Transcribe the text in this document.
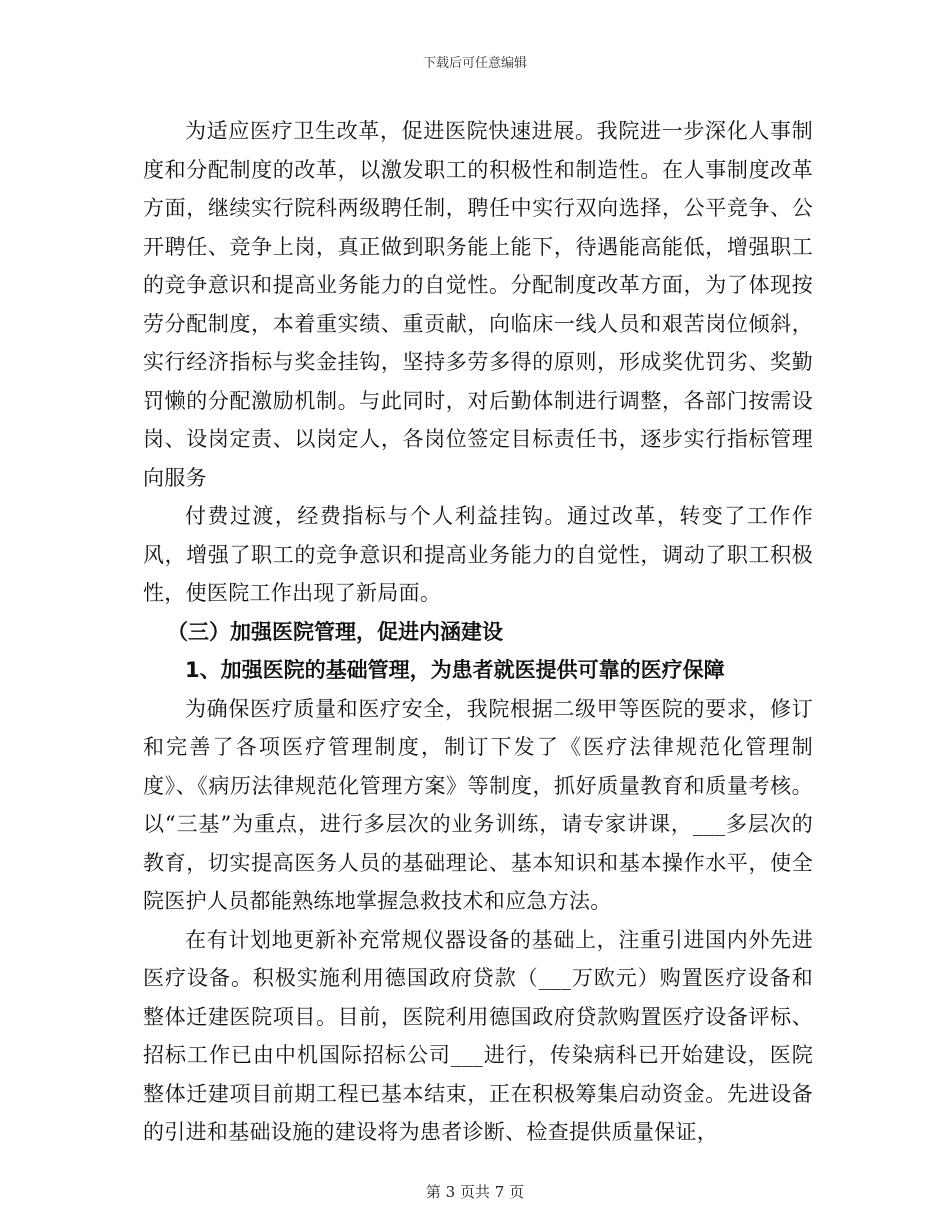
下载后可任意编辑

为适应医疗卫生改革，促进医院快速进展。我院进一步深化人事制度和分配制度的改革，以激发职工的积极性和制造性。在人事制度改革方面，继续实行院科两级聘任制，聘任中实行双向选择，公平竞争、公开聘任、竞争上岗，真正做到职务能上能下，待遇能高能低，增强职工的竞争意识和提高业务能力的自觉性。分配制度改革方面，为了体现按劳分配制度，本着重实绩、重贡献，向临床一线人员和艰苦岗位倾斜，实行经济指标与奖金挂钩，坚持多劳多得的原则，形成奖优罚劣、奖勤罚懒的分配激励机制。与此同时，对后勤体制进行调整，各部门按需设岗、设岗定责、以岗定人，各岗位签定目标责任书，逐步实行指标管理向服务

付费过渡，经费指标与个人利益挂钩。通过改革，转变了工作作风，增强了职工的竞争意识和提高业务能力的自觉性，调动了职工积极性，使医院工作出现了新局面。

（三）加强医院管理，促进内涵建设

1、加强医院的基础管理，为患者就医提供可靠的医疗保障

为确保医疗质量和医疗安全，我院根据二级甲等医院的要求，修订和完善了各项医疗管理制度，制订下发了《医疗法律规范化管理制度》、《病历法律规范化管理方案》等制度，抓好质量教育和质量考核。以“三基”为重点，进行多层次的业务训练，请专家讲课，___多层次的教育，切实提高医务人员的基础理论、基本知识和基本操作水平，使全院医护人员都能熟练地掌握急救技术和应急方法。

在有计划地更新补充常规仪器设备的基础上，注重引进国内外先进医疗设备。积极实施利用德国政府贷款（___万欧元）购置医疗设备和整体迁建医院项目。目前，医院利用德国政府贷款购置医疗设备评标、招标工作已由中机国际招标公司___进行，传染病科已开始建设，医院整体迁建项目前期工程已基本结束，正在积极筹集启动资金。先进设备的引进和基础设施的建设将为患者诊断、检查提供质量保证，

第 3 页共 7 页
